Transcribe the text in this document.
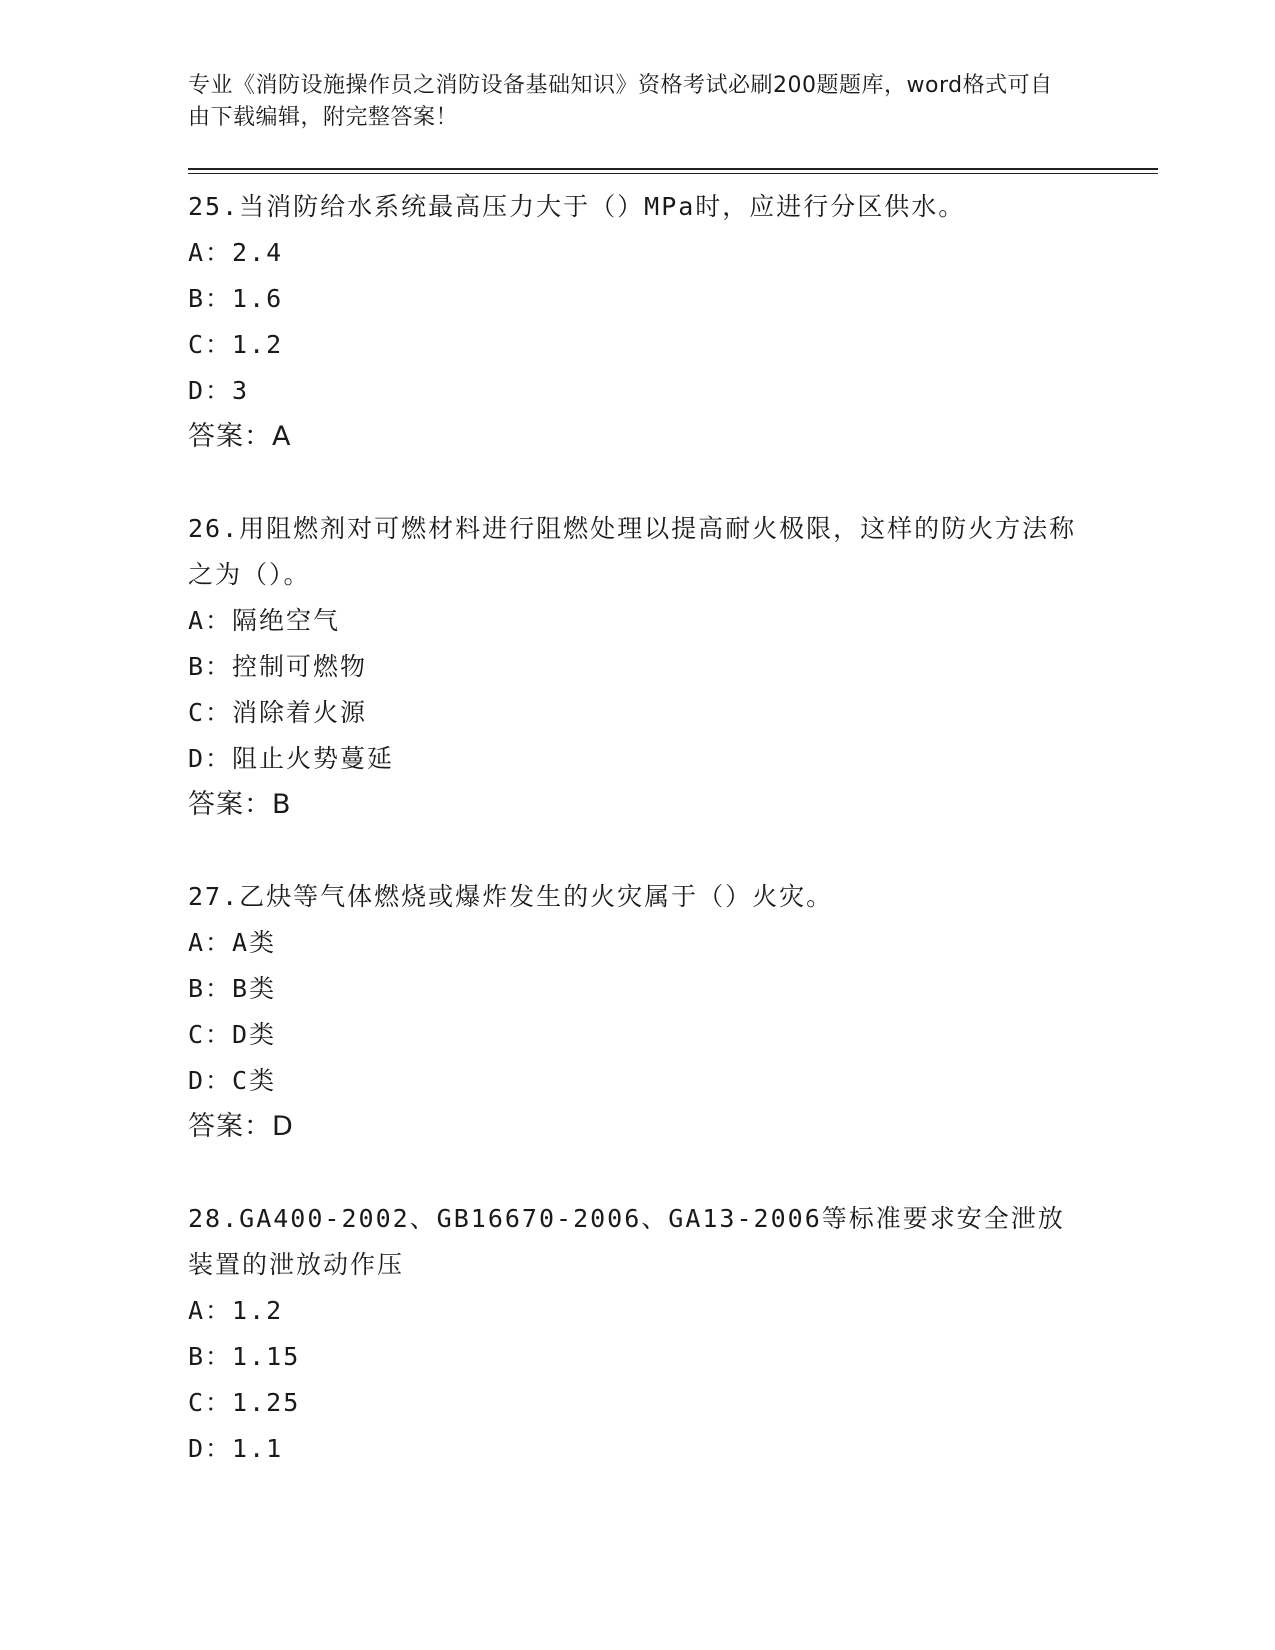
专业《消防设施操作员之消防设备基础知识》资格考试必刷200题题库，word格式可自由下载编辑，附完整答案！
25.当消防给水系统最高压力大于（）MPa时，应进行分区供水。
A：2.4
B：1.6
C：1.2
D：3
答案：A
26.用阻燃剂对可燃材料进行阻燃处理以提高耐火极限，这样的防火方法称之为（）。
A：隔绝空气
B：控制可燃物
C：消除着火源
D：阻止火势蔓延
答案：B
27.乙炔等气体燃烧或爆炸发生的火灾属于（）火灾。
A：A类
B：B类
C：D类
D：C类
答案：D
28.GA400-2002、GB16670-2006、GA13-2006等标准要求安全泄放装置的泄放动作压
A：1.2
B：1.15
C：1.25
D：1.1
